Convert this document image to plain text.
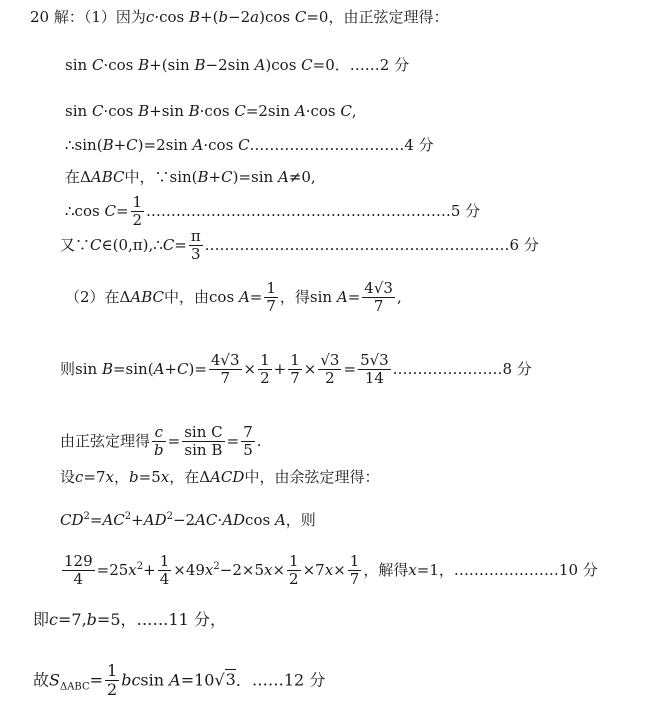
20 解：（1）因为c·cos B+(b−2a)cos C=0，由正弦定理得：
sin C·cos B+(sin B−2sin A)cos C=0．……2 分
sin C·cos B+sin B·cos C=2sin A·cos C,
∴sin(B+C)=2sin A·cos C.…………………………4 分
在ΔABC中，∵sin(B+C)=sin A≠0,
∴cos $C= \frac{1}{2}$ .……………………………………………………5 分
又∵C∈(0,π),∴C= $\frac{\pi}{3}$ .……………………………………………………6 分
（2）在ΔABC中，由$\cos A= \frac{1}{7}$ ，得$\sin A= \frac{4√3}{7}$ ,
则$\sin B=\sin(A+C)= \frac{4√3}{7} \times \frac{1}{2} + \frac{1}{7} \times \frac{√3}{2} = \frac{5√3}{14}$ .…………………8 分
由正弦定理得 $\frac{c}{b} = \frac{\text{sin C}}{\text{sin B}} = \frac{7}{5}$ .
设c=7x，b=5x，在ΔACD中，由余弦定理得：
$CD^2=AC^2+AD^2-2AC\cdot ADcos$ A，则
$\frac{129}{4} =25x^2+ \frac{1}{4} \times 49x^2-2\times 5x\times \frac{1}{2} \times 7x\times \frac{1}{7}$ ，解得x=1，…………………10 分
即c=7,b=5，……11 分，
故$S_{\Delta ABC}= \frac{1}{2}$ bcsin A=10√3．……12 分
